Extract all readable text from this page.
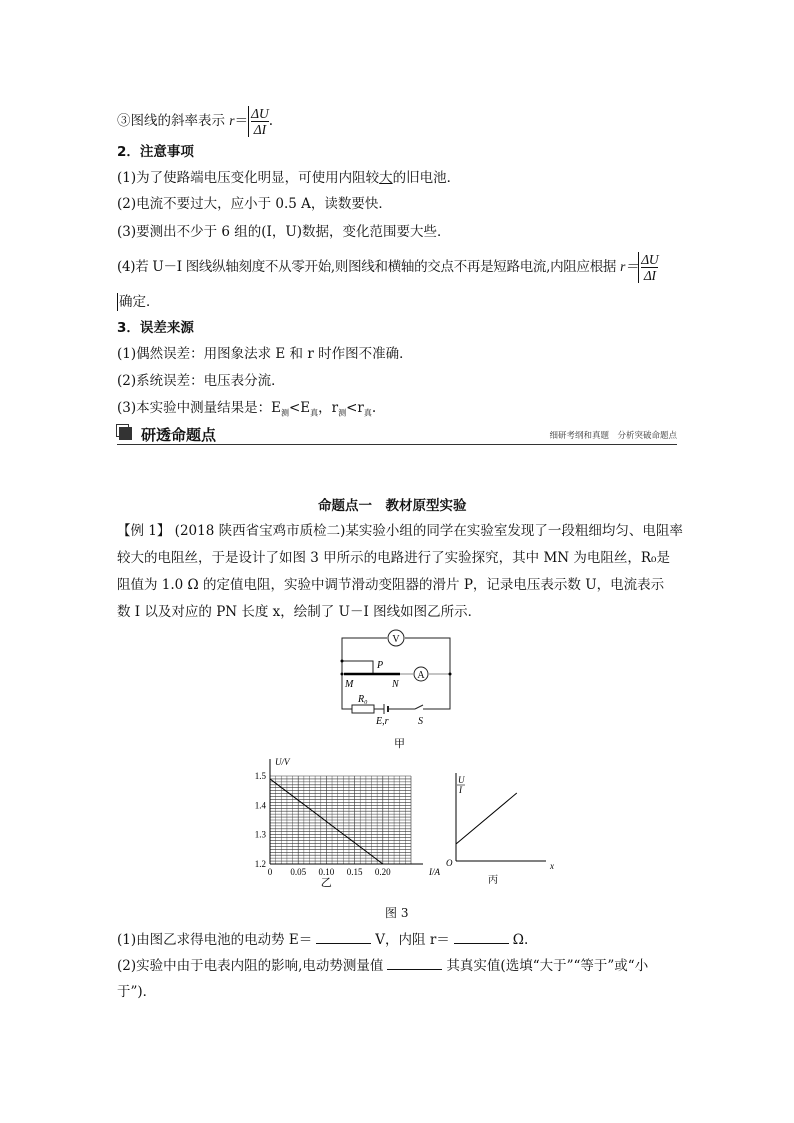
③图线的斜率表示 $r= \frac{\Delta U}{\Delta I}$ .
2．注意事项
(1)为了使路端电压变化明显，可使用内阻较大的旧电池．
(2)电流不要过大，应小于 0.5 A，读数要快．
(3)要测出不少于 6 组的(I，U)数据，变化范围要大些．
(4)若 U－I 图线纵轴刻度不从零开始,则图线和横轴的交点不再是短路电流,内阻应根据 $r= \frac{\Delta U}{\Delta I}$
确定．
3．误差来源
(1)偶然误差：用图象法求 E 和 r 时作图不准确．
(2)系统误差：电压表分流．
(3)本实验中测量结果是：$E_测<E_真$，$r_测<r_真$.
研透命题点	细研考纲和真题　分析突破命题点
命题点一　教材原型实验
【例 1】 (2018 陕西省宝鸡市质检二)某实验小组的同学在实验室发现了一段粗细均匀、电阻率
较大的电阻丝，于是设计了如图 3 甲所示的电路进行了实验探究，其中 MN 为电阻丝，R₀是
阻值为 1.0 Ω 的定值电阻，实验中调节滑动变阻器的滑片 P，记录电压表示数 U，电流表示
数 I 以及对应的 PN 长度 x，绘制了 U－I 图线如图乙所示．
V
A
P
M	N
R₀
E,r	S
甲
1.2
1.3
1.4
1.5
0 0.05 0.10 0.15 0.20
U/V
I/A
乙
O	x
U
I
丙
图 3
(1)由图乙求得电池的电动势 E＝	V，内阻 r＝	Ω.
(2)实验中由于电表内阻的影响,电动势测量值	其真实值(选填“大于”“等于”或“小
于”)．
